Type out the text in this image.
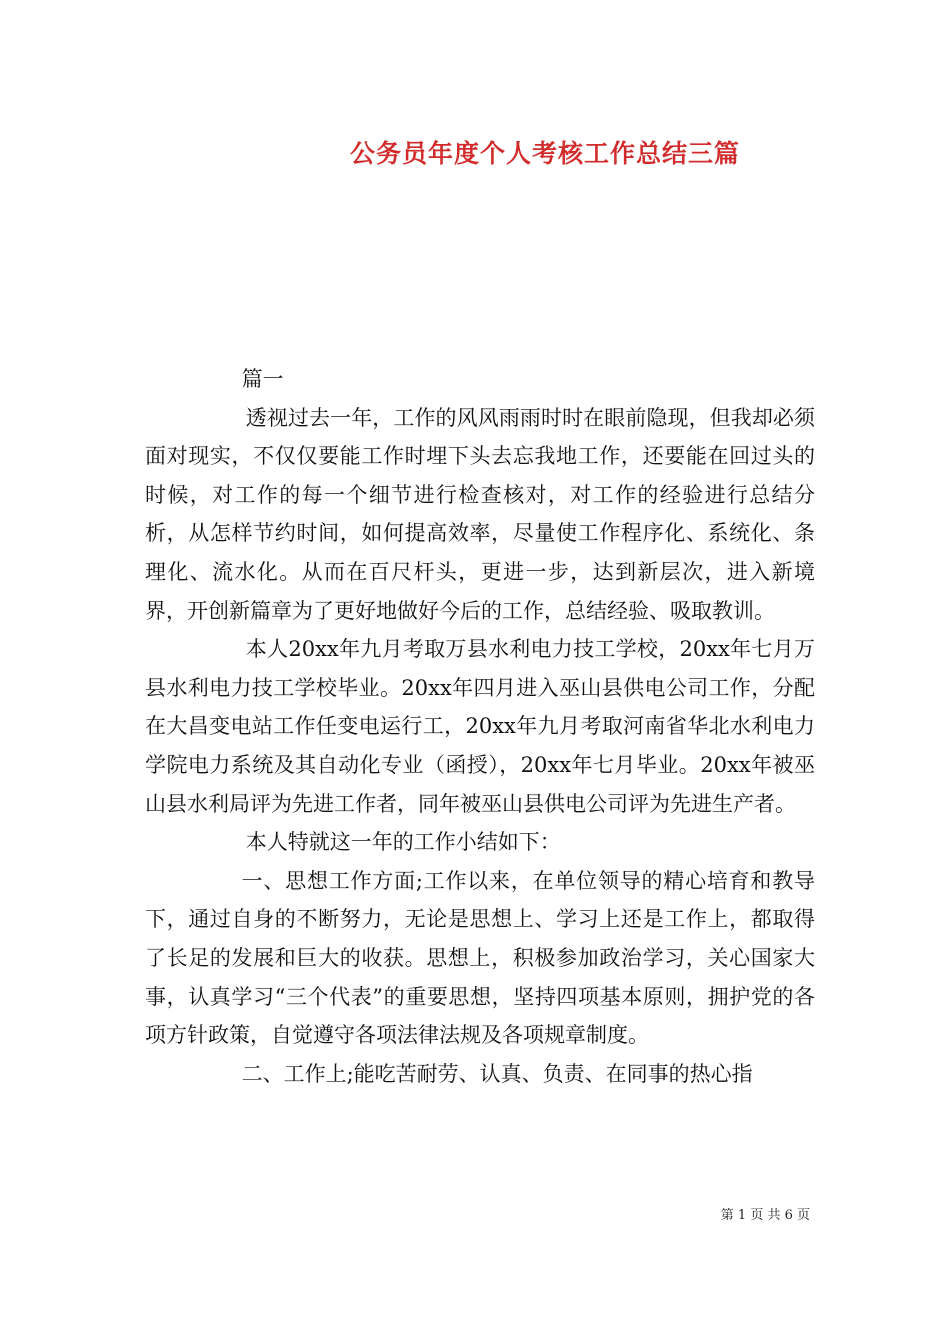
公务员年度个人考核工作总结三篇

篇一

透视过去一年，工作的风风雨雨时时在眼前隐现，但我却必须面对现实，不仅仅要能工作时埋下头去忘我地工作，还要能在回过头的时候，对工作的每一个细节进行检查核对，对工作的经验进行总结分析，从怎样节约时间，如何提高效率，尽量使工作程序化、系统化、条理化、流水化。从而在百尺杆头，更进一步，达到新层次，进入新境界，开创新篇章为了更好地做好今后的工作，总结经验、吸取教训。

本人20xx年九月考取万县水利电力技工学校，20xx年七月万县水利电力技工学校毕业。20xx年四月进入巫山县供电公司工作，分配在大昌变电站工作任变电运行工，20xx年九月考取河南省华北水利电力学院电力系统及其自动化专业（函授），20xx年七月毕业。20xx年被巫山县水利局评为先进工作者，同年被巫山县供电公司评为先进生产者。

本人特就这一年的工作小结如下：

一、思想工作方面;工作以来，在单位领导的精心培育和教导下，通过自身的不断努力，无论是思想上、学习上还是工作上，都取得了长足的发展和巨大的收获。思想上，积极参加政治学习，关心国家大事，认真学习“三个代表”的重要思想，坚持四项基本原则，拥护党的各项方针政策，自觉遵守各项法律法规及各项规章制度。

二、工作上;能吃苦耐劳、认真、负责、在同事的热心指

第 1 页 共 6 页
